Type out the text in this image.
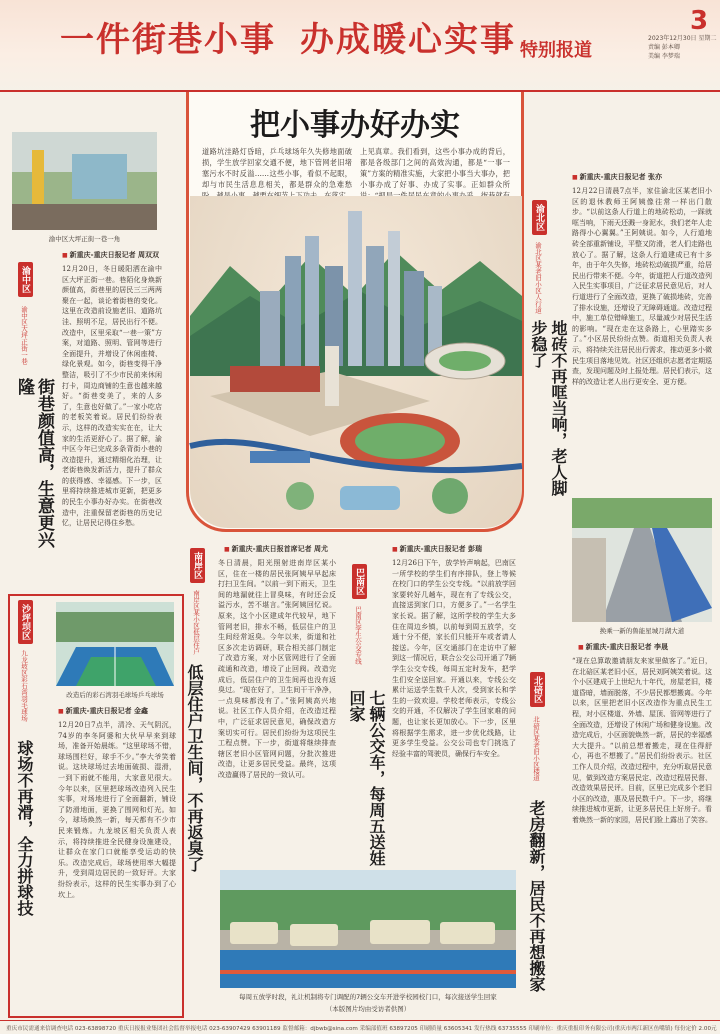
一件街巷小事 办成暖心实事 特别报道
3
2023年12月30日 星期二
责编 彭本卿
美编 李梦瑞
把小事办好办实
道路坑洼路灯昏暗，乒乓球场年久失修地面破损，学生放学回家交通不便，地下管网老旧堵塞污水不时反溢……这些小事，看似不起眼，却与市民生活息息相关，都是群众的急难愁
上见真章。我们看到，这些小事办成的背后，都是各级部门之间的高效沟通，都是“一事一策”方案的精准实施，大家把小事当大事办，把小事办成了好事、办成了实事。正如群众所
渝中区大坪正街一巷一角
■ 新重庆-重庆日报记者 周双双
渝中区
渝中区大坪正街一巷
街巷颜值高，生意更兴隆
12月20日，冬日暖阳洒在渝中区大坪正街一巷。巷陌化身焕新颜值高，街巷里的居民三三两两聚在一起，谈论着街巷的变化。这里在改造前设施老旧、道路坑洼、照明不足，居民出行不便。改造中，区里采取“一巷一策”方案，对道路、照明、管网等进行全面提升，并增设了休闲座椅、绿化景观。如今，街巷变得干净整洁，吸引了不少市民前来休闲打卡，周边商铺的生意也越来越好。“街巷变美了，来的人多了，生意也好做了。”一家小吃店的老板笑着说。居民们纷纷表示，这样的改造实实在在，让大家的生活更舒心了。据了解，渝中区今年已完成多条背街小巷的改造提升，通过精细化治理，让老街巷焕发新活力，提升了群众的获得感、幸福感。下一步，区里将持续推进城市更新，把更多的民生小事办好办实。在街巷改造中，注重保留老街巷的历史记忆，让居民记得住乡愁。
沙坪坝区
九龙坡区彩石湾羽毛球场	改造后的彩石湾羽毛球场乒乓球场
■ 新重庆-重庆日报记者 金鑫
球场不再滑，全力拼球技
12月20日7点半，清冷、天气阴沉，74岁的李冬阿婆和大伙早早来到球场，准备开始晨练。“这里球场不错，球场围栏好，球手不少。”李大爷笑着说。这块球场过去地面破损、湿滑，一到下雨就不能用，大家意见很大。今年以来，区里把球场改造列入民生实事，对场地进行了全面翻新，铺设了防滑地面，更换了围网和灯光。如今，球场焕然一新，每天都有不少市民来锻炼。九龙坡区相关负责人表示，将持续推进全民健身设施建设，让群众在家门口就能享受运动的快乐。改造完成后，球场使用率大幅提升，受到周边居民的一致好评。大家纷纷表示，这样的民生实事办到了心坎上。
■ 新重庆-重庆日报首席记者 周尤
南岸区
南岸区某小区低层住户
低层住户卫生间，不再返臭了
冬日清晨，阳光照射进南岸区某小区，住在一楼的居民张阿姨早早起床打扫卫生间。“以前一到下雨天，卫生间的地漏就往上冒臭味，有时还会反溢污水，苦不堪言。”张阿姨回忆说。原来，这个小区建成年代较早，地下管网老旧，排水不畅，低层住户的卫生间经常返臭。今年以来，街道和社区多次走访调研，联合相关部门制定了改造方案，对小区管网进行了全面疏通和改造，增设了止回阀。改造完成后，低层住户的卫生间再也没有返臭过。“现在好了，卫生间干干净净，一点臭味都没有了。”张阿姨高兴地说。社区工作人员介绍，在改造过程中，广泛征求居民意见，确保改造方案切实可行。居民们纷纷为这项民生工程点赞。下一步，街道将继续排查辖区老旧小区管网问题，分批次推进改造，让更多居民受益。最终，这项改造赢得了居民的一致认可。
■ 新重庆-重庆日报记者 彭瑞
巴南区
巴南区学生公交专线
七辆公交车，每周五送娃回家
12月26日下午，放学铃声响起，巴南区一所学校的学生们有序排队，登上等候在校门口的学生公交专线。“以前放学回家要转好几趟车，现在有了专线公交，直接送到家门口，方便多了。”一名学生家长说。据了解，这所学校的学生大多住在周边乡镇，以前每到周五放学，交通十分不便，家长们只能开车或者请人接送。今年，区交通部门在走访中了解到这一情况后，联合公交公司开通了7辆学生公交专线，每周五定时发车，把学生们安全送回家。开通以来，专线公交累计运送学生数千人次，受到家长和学生的一致欢迎。学校老师表示，专线公交的开通，不仅解决了学生回家难的问题，也让家长更加放心。下一步，区里将根据学生需求，进一步优化线路，让更多学生受益。公交公司也专门挑选了经验丰富的驾驶员，确保行车安全。
■ 新重庆-重庆日报记者 张亦
渝北区
渝北区某老旧小区人行道
地砖不再哐当响，老人脚步稳了
12月22日清晨7点半，家住渝北区某老旧小区的退休教师王阿姨像往常一样出门散步。“以前这条人行道上的地砖松动，一踩就哐当响，下雨天还溅一身泥水，我们老年人走路得小心翼翼。”王阿姨说。如今，人行道地砖全部重新铺设，平整又防滑，老人们走路也放心了。据了解，这条人行道建成已有十多年，由于年久失修，地砖松动破损严重，给居民出行带来不便。今年，街道把人行道改造列入民生实事项目，广泛征求居民意见后，对人行道进行了全面改造，更换了破损地砖，完善了排水设施，还增设了无障碍通道。改造过程中，施工单位错峰施工，尽量减少对居民生活的影响。“现在走在这条路上，心里踏实多了。”小区居民纷纷点赞。街道相关负责人表示，将持续关注居民出行需求，推动更多小微民生项目落地见效。社区还组织志愿者定期巡查，发现问题及时上报处理。居民们表示，这样的改造让老人出行更安全、更方便。
换乘一新的鲁能星城月湖大道
■ 新重庆-重庆日报记者 李晟
北碚区
北碚区某老旧小区楼道
老房翻新，居民不再想搬家
“现在总算敢邀请朋友来家里做客了。”近日，在北碚区某老旧小区，居民刘阿姨笑着说。这个小区建成于上世纪九十年代，房屋老旧，楼道昏暗，墙面脱落，不少居民都想搬离。今年以来，区里把老旧小区改造作为重点民生工程，对小区楼道、外墙、屋顶、管网等进行了全面改造，还增设了休闲广场和健身设施。改造完成后，小区面貌焕然一新，居民的幸福感大大提升。“以前总想着搬走，现在住得舒心，再也不想搬了。”居民们纷纷表示。社区工作人员介绍，改造过程中，充分听取居民意见，做到改造方案居民定、改造过程居民督、改造效果居民评。目前，区里已完成多个老旧小区的改造，惠及居民数千户。下一步，将继续推进城市更新，让更多居民住上好房子。看着焕然一新的家园，居民们脸上露出了笑容。
每周五放学时段，礼让机制将专门调配的7辆公交车开进学校园校门口，每次接送学生回家
（本版图片均由受访者供图）
重庆市民需通来信调查电话 023-63898720 重庆日报报业集团社会监督举报电话 023-63907429 63901189 监督邮箱：djbwb@sina.com 采编部值班 63897205 印刷质量 63605341 发行热线 63735555 印刷单位：重庆重报印务有限公司(重庆市两江新区鱼嘴镇) 每份定价 2.00元
